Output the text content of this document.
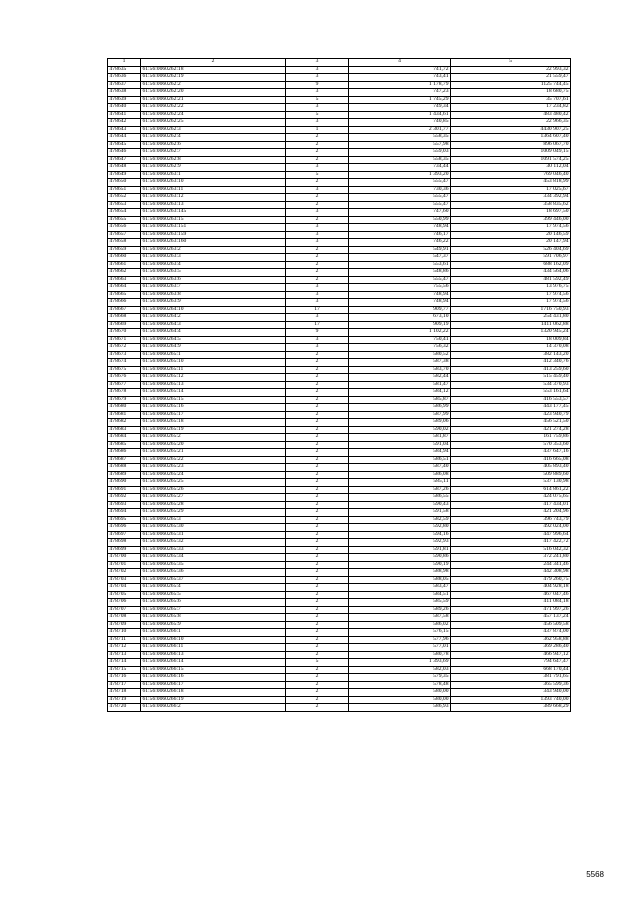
1	2	3	4	5
478635	61:56:0060262:18	3	741,72	22 993,32
478636	61:56:0060262:19	3	743,41	21 559,47
478637	61:56:0060262:2	9	1 178,79	1125 744,45
478638	61:56:0060262:20	3	747,23	18 680,75
478639	61:56:0060262:21	5	1 745,29	35 707,61
478640	61:56:0060262:22	3	749,34	17 234,82
478641	61:56:0060262:24	5	1 434,61	483 480,42
478642	61:56:0060262:25	3	740,85	22 966,35
478643	61:56:0060262:3	1	2 301,77	4430 907,25
478644	61:56:0060262:4	2	558,35	1364 607,40
478645	61:56:0060262:6	2	557,98	896 067,70
478646	61:56:0060262:7	2	559,03	1009 049,15
478647	61:56:0060262:8	2	558,35	1091 574,25
478648	61:56:0060262:9	3	734,44	30 112,04
478649	61:56:0060263:1	5	1 393,20	769 046,40
478650	61:56:0060263:10	2	555,47	453 818,99
478651	61:56:0060263:11	3	730,36	17 025,67
478652	61:56:0060263:12	2	555,47	334 392,94
478653	61:56:0060263:13	2	555,47	358 835,62
478654	61:56:0060263:145	3	747,60	18 697,50
478655	61:56:0060263:15	2	550,99	399 446,00
478656	61:56:0060263:151	3	748,94	17 974,56
478657	61:56:0060263:159	3	746,17	20 146,59
478658	61:56:0060263:160	3	746,22	20 147,94
478659	61:56:0060263:2	2	549,91	526 404,69
478660	61:56:0060263:3	2	547,37	591 706,97
478661	61:56:0060263:4	2	553,61	688 162,09
478662	61:56:0060263:5	2	548,86	434 564,06
478663	61:56:0060263:6	2	555,47	481 592,49
478664	61:56:0060263:7	3	755,56	13 976,75
478665	61:56:0060263:8	3	748,94	17 974,56
478666	61:56:0060263:9	3	748,94	17 974,56
478667	61:56:0060264:10	17	909,77	1716 750,93
478668	61:56:0060264:2	3	673,10	254 431,80
478669	61:56:0060264:3	17	909,19	1411 062,88
478670	61:56:0060264:4	9	1 102,22	1320 945,24
478671	61:56:0060264:5	3	750,41	18 009,84
478672	61:56:0060264:9	3	756,32	14 370,08
478673	61:56:0060265:1	2	580,52	382 143,20
478674	61:56:0060265:10	2	587,38	412 340,76
478675	61:56:0060265:11	2	583,70	413 259,60
478676	61:56:0060265:12	2	582,44	515 459,40
478677	61:56:0060265:13	2	581,47	534 370,93
478678	61:56:0060265:14	2	584,12	553 161,64
478679	61:56:0060265:15	2	585,87	416 553,57
478680	61:56:0060265:16	2	586,99	443 177,45
478681	61:56:0060265:17	2	587,99	423 940,79
478682	61:56:0060265:18	2	589,06	456 521,50
478683	61:56:0060265:19	2	590,02	421 274,28
478684	61:56:0060265:2	2	581,87	161 759,86
478685	61:56:0060265:20	2	591,04	570 353,60
478686	61:56:0060265:21	2	584,94	437 647,16
478687	61:56:0060265:22	2	586,51	416 665,08
478688	61:56:0060265:23	2	587,40	405 893,40
478689	61:56:0060265:24	2	586,08	509 889,60
478690	61:56:0060265:25	2	585,11	537 130,98
478691	61:56:0060265:26	2	587,26	614 861,22
478692	61:56:0060265:27	2	586,55	424 075,65
478693	61:56:0060265:28	2	590,43	417 434,01
478694	61:56:0060265:29	2	591,58	421 204,96
478695	61:56:0060265:3	2	582,59	396 743,79
478696	61:56:0060265:30	2	592,80	492 024,00
478697	61:56:0060265:31	2	594,16	447 996,64
478698	61:56:0060265:32	2	592,93	417 422,72
478699	61:56:0060265:33	2	591,81	516 042,32
478700	61:56:0060265:34	2	590,86	372 241,80
478701	61:56:0060265:35	2	590,19	244 341,46
478702	61:56:0060265:36	2	588,98	442 308,98
478703	61:56:0060265:37	2	588,05	479 260,75
478704	61:56:0060265:4	2	583,47	404 928,18
478705	61:56:0060265:5	2	584,51	467 047,46
478706	61:56:0060265:6	2	585,59	411 084,18
478707	61:56:0060265:7	2	589,26	471 997,26
478708	61:56:0060265:8	2	587,58	457 137,24
478709	61:56:0060265:9	2	586,02	456 509,58
478710	61:56:0060266:1	2	576,15	437 874,00
478711	61:56:0060266:10	2	577,96	362 958,88
478712	61:56:0060266:11	2	577,01	369 286,40
478713	61:56:0060266:13	2	580,78	466 947,12
478714	61:56:0060266:14	5	1 393,69	794 647,47
478715	61:56:0060266:15	2	582,03	668 170,44
478716	61:56:0060266:16	2	579,35	381 791,65
478717	61:56:0060266:17	2	578,48	365 599,36
478718	61:56:0060266:18	2	580,00	343 940,00
478719	61:56:0060266:19	2	580,00	1393 740,00
478720	61:56:0060266:2	2	586,93	389 668,29
5568
